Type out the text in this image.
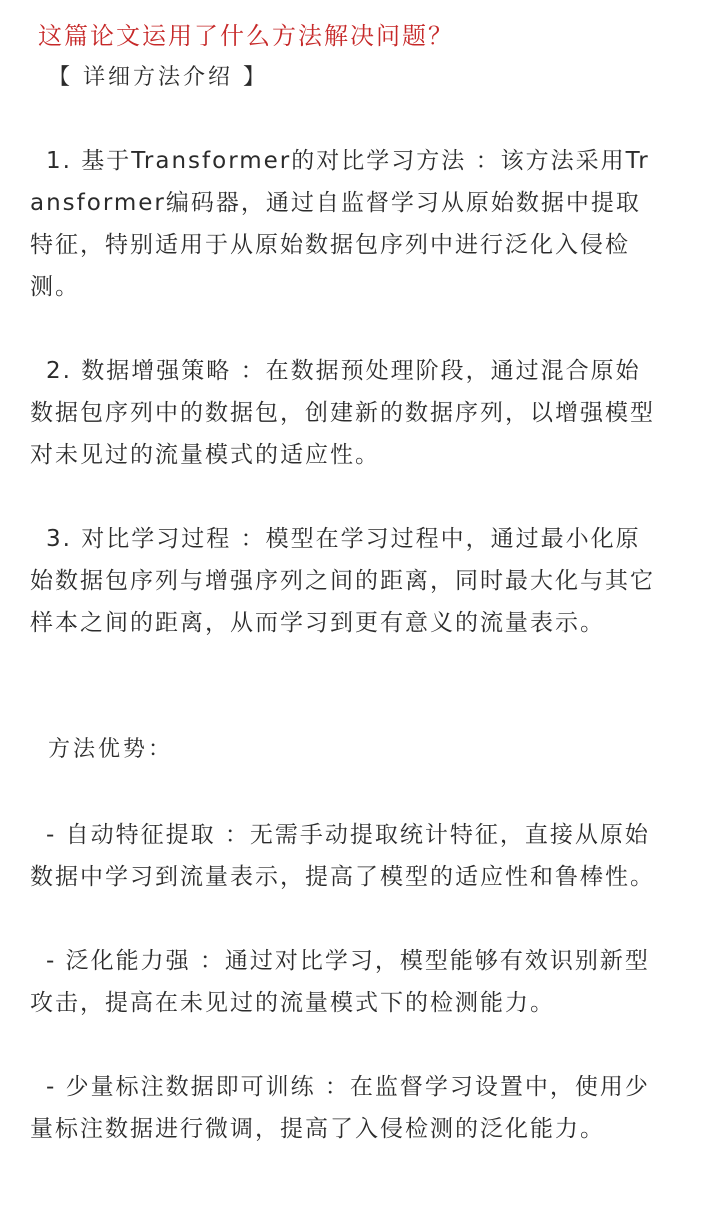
这篇论文运用了什么方法解决问题？
【 详细方法介绍 】
1. 基于Transformer的对比学习方法 ：该方法采用Transformer编码器，通过自监督学习从原始数据中提取特征，特别适用于从原始数据包序列中进行泛化入侵检测。
2. 数据增强策略 ：在数据预处理阶段，通过混合原始数据包序列中的数据包，创建新的数据序列，以增强模型对未见过的流量模式的适应性。
3. 对比学习过程 ：模型在学习过程中，通过最小化原始数据包序列与增强序列之间的距离，同时最大化与其它样本之间的距离，从而学习到更有意义的流量表示。
方法优势：
- 自动特征提取 ：无需手动提取统计特征，直接从原始数据中学习到流量表示，提高了模型的适应性和鲁棒性。
- 泛化能力强 ：通过对比学习，模型能够有效识别新型攻击，提高在未见过的流量模式下的检测能力。
- 少量标注数据即可训练 ：在监督学习设置中，使用少量标注数据进行微调，提高了入侵检测的泛化能力。
